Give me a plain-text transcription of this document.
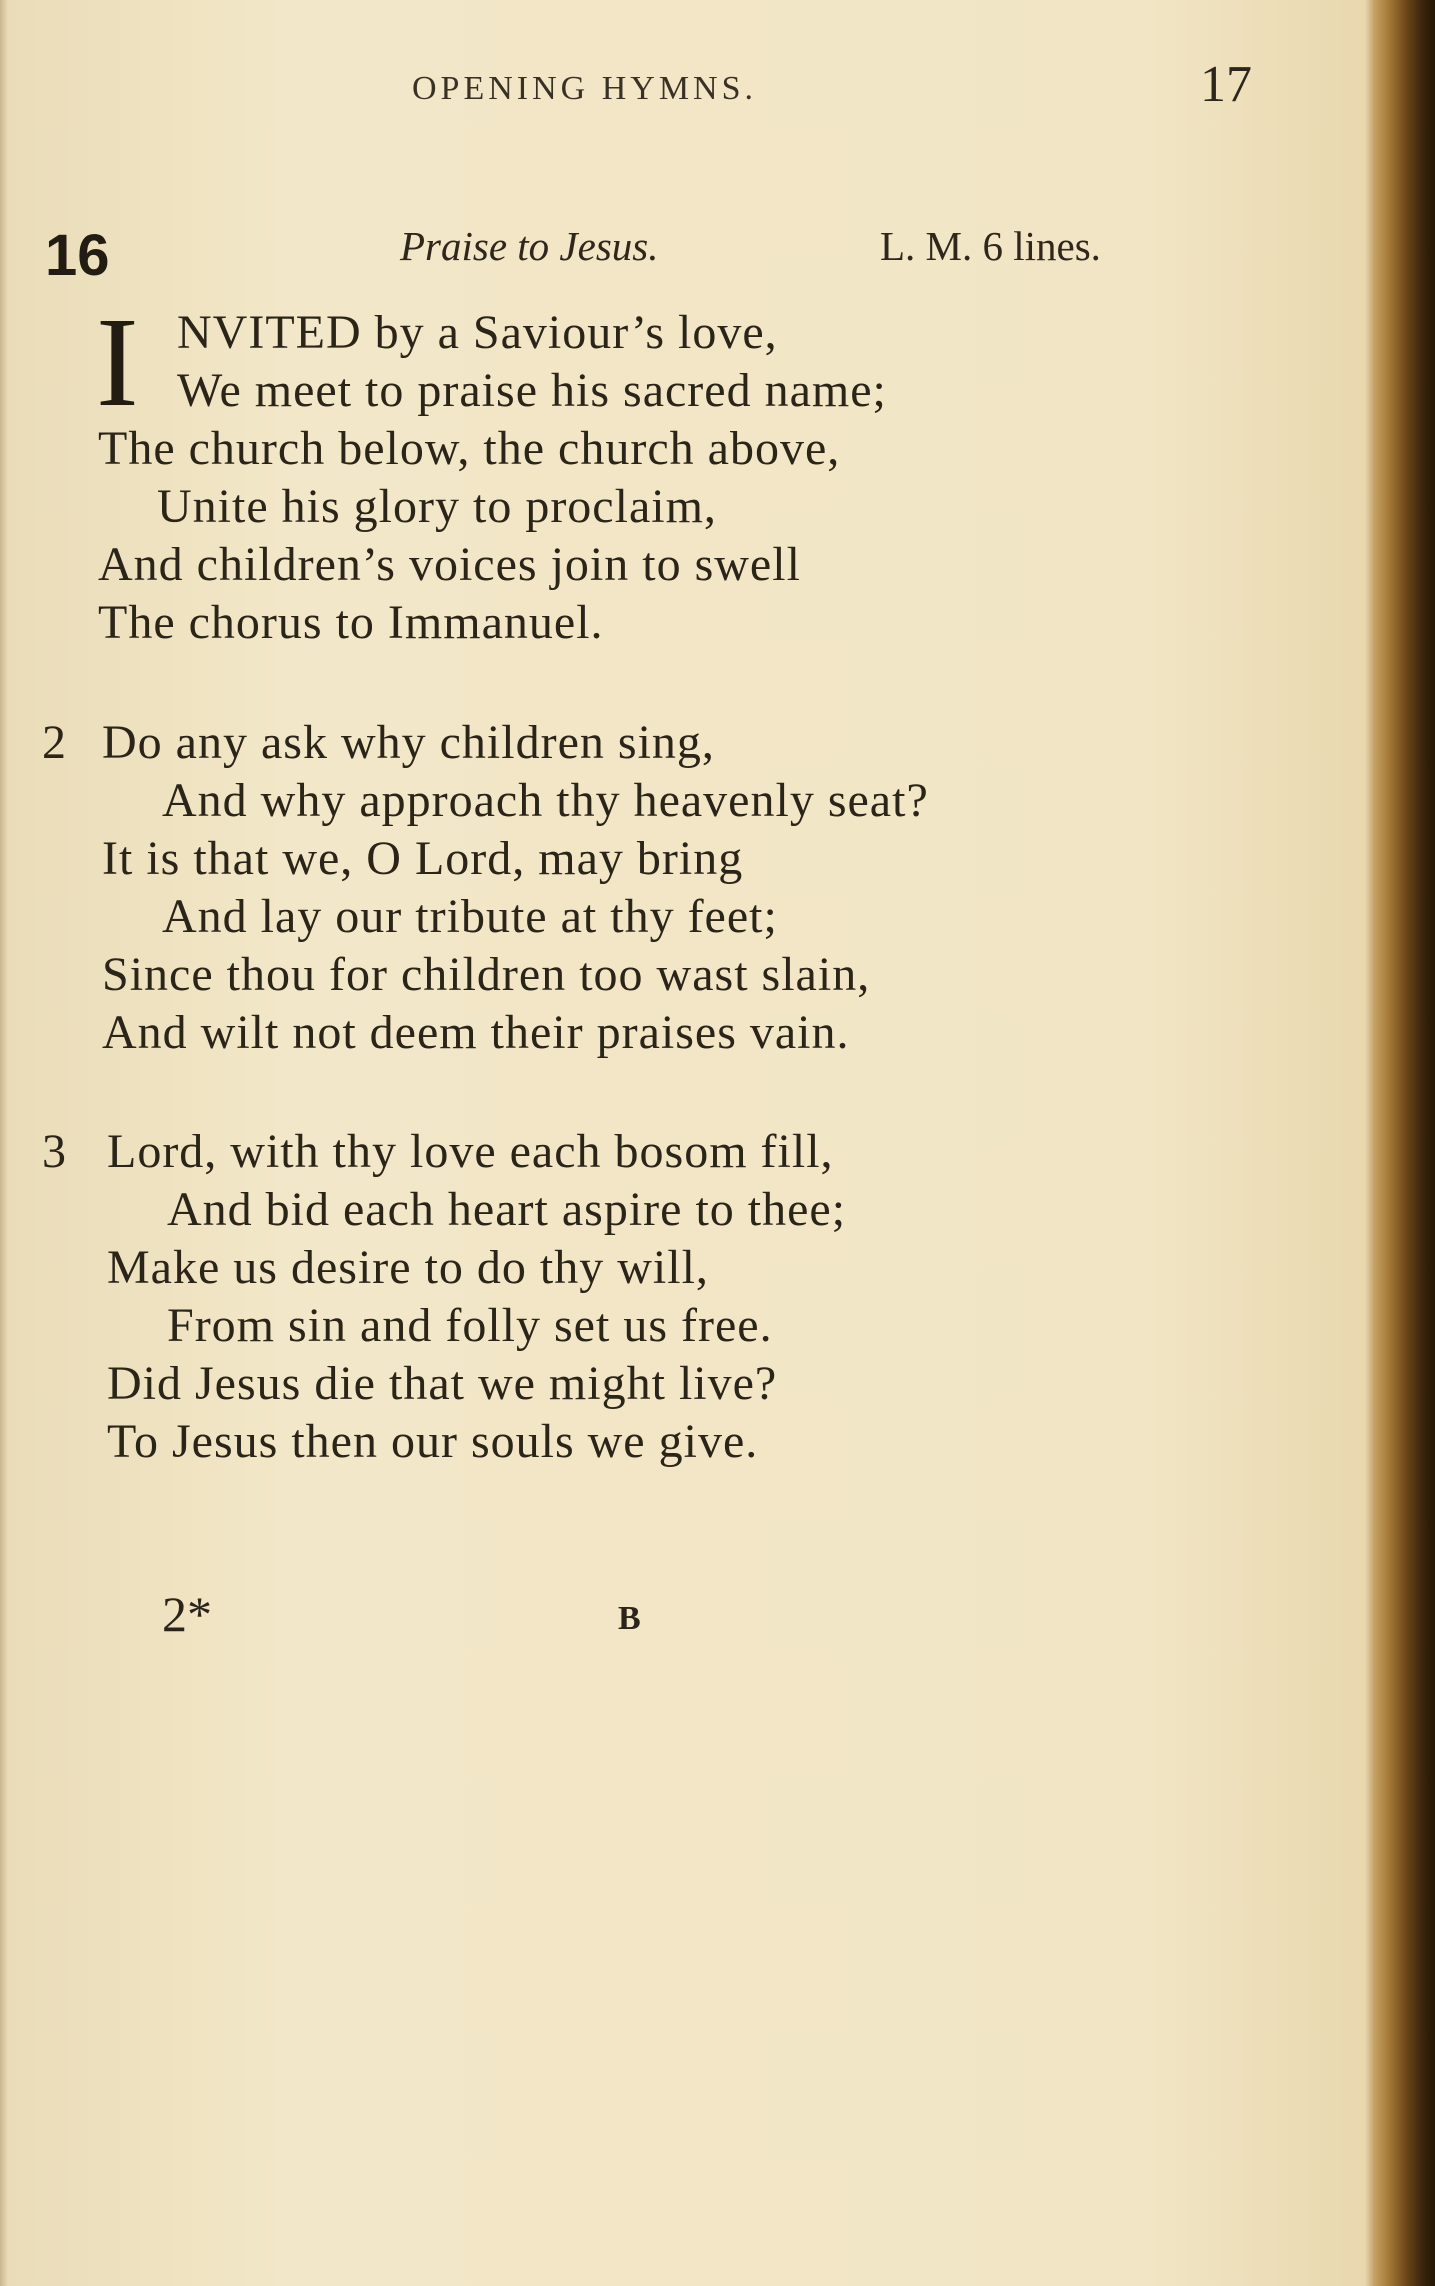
OPENING HYMNS.	17
16	Praise to Jesus.	L. M. 6 lines.
I NVITED by a Saviour’s love,
We meet to praise his sacred name;
The church below, the church above,
Unite his glory to proclaim,
And children’s voices join to swell
The chorus to Immanuel.
2 Do any ask why children sing,
And why approach thy heavenly seat?
It is that we, O Lord, may bring
And lay our tribute at thy feet;
Since thou for children too wast slain,
And wilt not deem their praises vain.
3 Lord, with thy love each bosom fill,
And bid each heart aspire to thee;
Make us desire to do thy will,
From sin and folly set us free.
Did Jesus die that we might live?
To Jesus then our souls we give.
2*	B
